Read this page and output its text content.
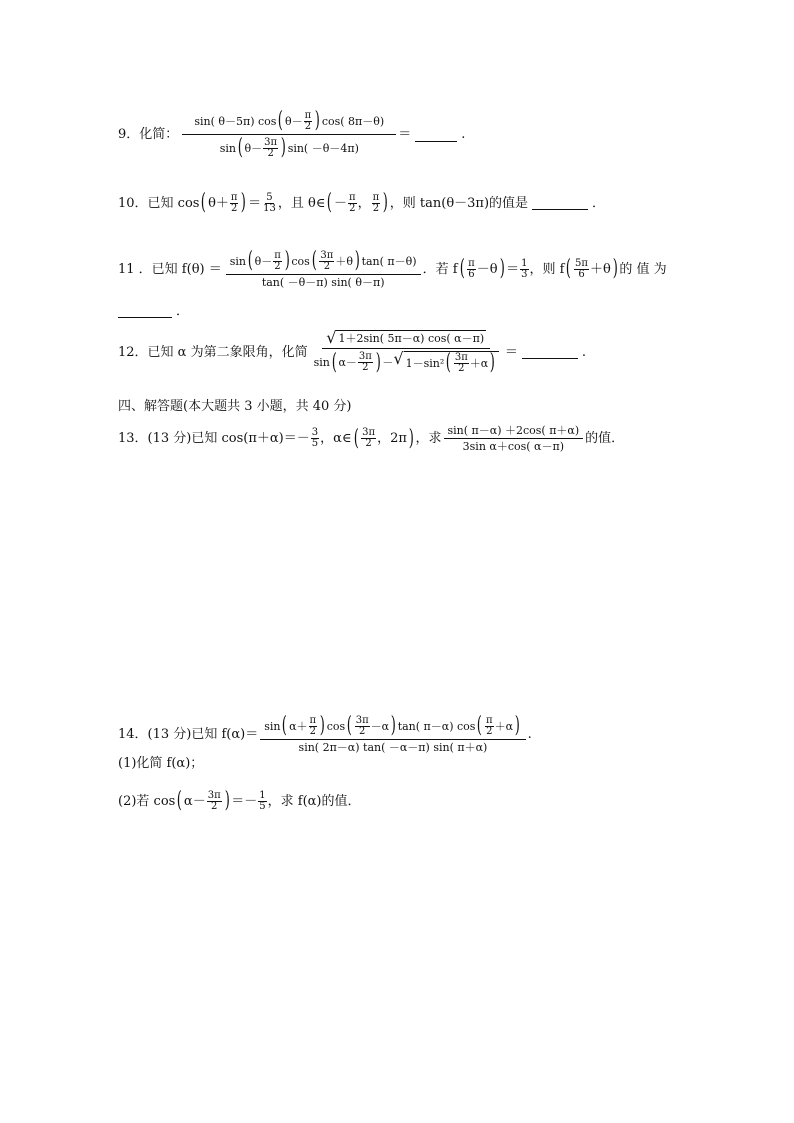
9．化简： sin( θ－5π) cos ( θ－ π
2 ) cos( 8π－θ)
sin ( θ－ 3π
2 ) sin( －θ－4π) ＝	.
10．已知 cos ( θ＋ π
2 ) ＝ 5
13 ，且 θ∈ ( － π
2 ， π
2 ) ，则 tan(θ－3π)的值是	．
11 ．已知 f(θ) ＝
sin ( θ－ π
2 ) cos ( 3π
2 ＋θ ) tan( π－θ)
tan( －θ－π) sin( θ－π)
．若 f ( π
6 －θ ) ＝ 1
3 ，则 f ( 5π
6 ＋θ ) 的 值 为
．
12．已知 α 为第二象限角，化简
√ 1＋2sin( 5π－α) cos( α－π)
sin ( α－ 3π
2 ) － √ 1－sin² ( 3π
2 ＋α ) ＝	.
四、解答题(本大题共 3 小题，共 40 分)
13．(13 分)已知 cos(π＋α)＝－ 3
5 ，α∈ ( 3π
2 ，2π ) ，求 $\frac{\sin( \pi-\alpha) +2\cos( \pi+\alpha)}{\text{3sin α＋cos( α－π)}}$ 的值．
14．(13 分)已知 f(α)＝
sin ( α＋ π
2 ) cos ( 3π
2 －α ) tan( π－α) cos ( π
2 ＋α )
sin( 2π－α) tan( －α－π) sin( π＋α)
.
(1)化简 f(α)；
(2)若 cos ( α－ 3π
2 ) ＝－ 1
5 ，求 f(α)的值．
